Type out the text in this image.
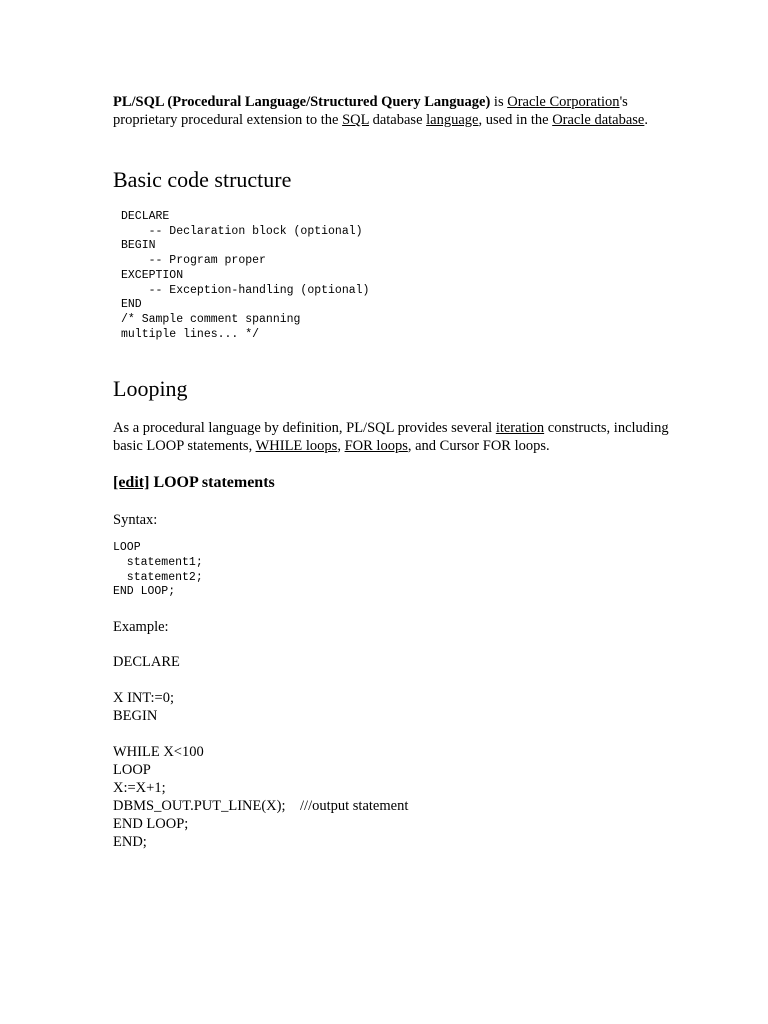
PL/SQL (Procedural Language/Structured Query Language) is Oracle Corporation's proprietary procedural extension to the SQL database language, used in the Oracle database.

Basic code structure
DECLARE
-- Declaration block (optional)
BEGIN
-- Program proper
EXCEPTION
-- Exception-handling (optional)
END
/* Sample comment spanning
multiple lines... */
Looping

As a procedural language by definition, PL/SQL provides several iteration constructs, including basic LOOP statements, WHILE loops, FOR loops, and Cursor FOR loops.

[edit] LOOP statements

Syntax:

LOOP
statement1;
statement2;
END LOOP;

Example:

DECLARE

X INT:=0;
BEGIN

WHILE X<100
LOOP
X:=X+1;
DBMS_OUT.PUT_LINE(X);    ///output statement
END LOOP;
END;
